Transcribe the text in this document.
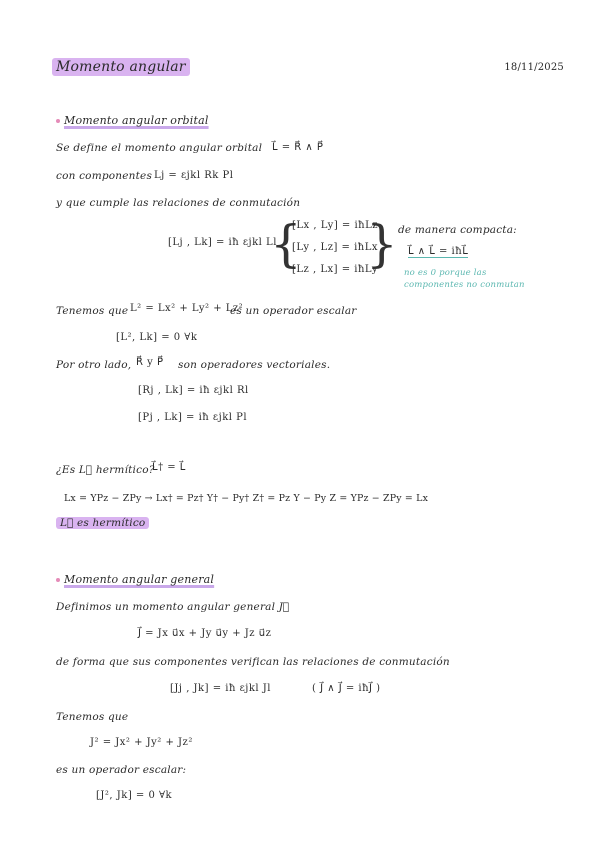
Momento angular	18/11/2025
Momento angular orbital
Se define el momento angular orbital L⃗ = R⃗ ∧ P⃗
con componentes Lj = εjkl Rk Pl
y que cumple las relaciones de conmutación
[Lj , Lk] = iħ εjkl Ll
{
[Lx , Ly] = iħLz
[Ly , Lz] = iħLx
[Lz , Lx] = iħLy
} de manera compacta:
L⃗ ∧ L⃗ = iħL⃗
no es 0 porque las
componentes no conmutan
Tenemos que L² = Lx² + Ly² + Lz²
es un operador escalar
[L², Lk] = 0 ∀k
Por otro lado, R⃗ y P⃗ son operadores vectoriales.
[Rj , Lk] = iħ εjkl Rl
[Pj , Lk] = iħ εjkl Pl
¿Es L⃗ hermítico?
L⃗† = L⃗
Lx = YPz − ZPy → Lx† = Pz† Y† − Py† Z† = Pz Y − Py Z = YPz − ZPy = Lx
L⃗ es hermítico
Momento angular general
Definimos un momento angular general J⃗
J⃗ = Jx u⃗x + Jy u⃗y + Jz u⃗z
de forma que sus componentes verifican las relaciones de conmutación
[Jj , Jk] = iħ εjkl Jl	( J⃗ ∧ J⃗ = iħJ⃗ )
Tenemos que
J² = Jx² + Jy² + Jz²
es un operador escalar:
[J², Jk] = 0 ∀k
